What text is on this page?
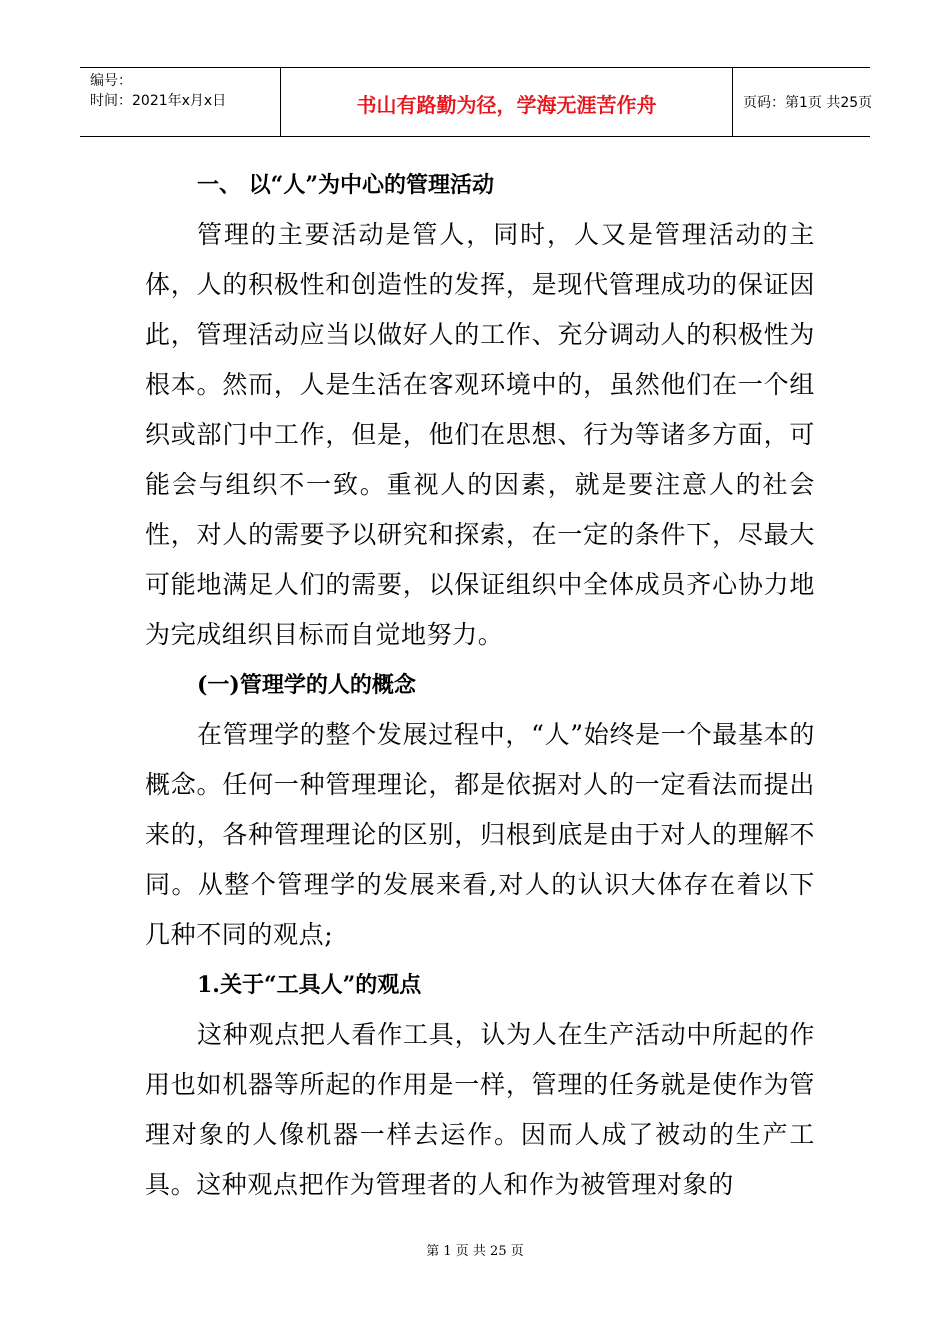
编号：
时间：2021年x月x日	书山有路勤为径，学海无涯苦作舟	页码：第1页 共25页
一、 以“人”为中心的管理活动

管理的主要活动是管人，同时，人又是管理活动的主体，人的积极性和创造性的发挥，是现代管理成功的保证因此，管理活动应当以做好人的工作、充分调动人的积极性为根本。然而，人是生活在客观环境中的，虽然他们在一个组织或部门中工作，但是，他们在思想、行为等诸多方面，可能会与组织不一致。重视人的因素，就是要注意人的社会性，对人的需要予以研究和探索，在一定的条件下，尽最大可能地满足人们的需要，以保证组织中全体成员齐心协力地为完成组织目标而自觉地努力。

(一)管理学的人的概念

在管理学的整个发展过程中，“人”始终是一个最基本的概念。任何一种管理理论，都是依据对人的一定看法而提出来的，各种管理理论的区别，归根到底是由于对人的理解不同。从整个管理学的发展来看,对人的认识大体存在着以下几种不同的观点;

1.关于“工具人”的观点

这种观点把人看作工具，认为人在生产活动中所起的作用也如机器等所起的作用是一样，管理的任务就是使作为管理对象的人像机器一样去运作。因而人成了被动的生产工具。这种观点把作为管理者的人和作为被管理对象的

第 1 页 共 25 页
